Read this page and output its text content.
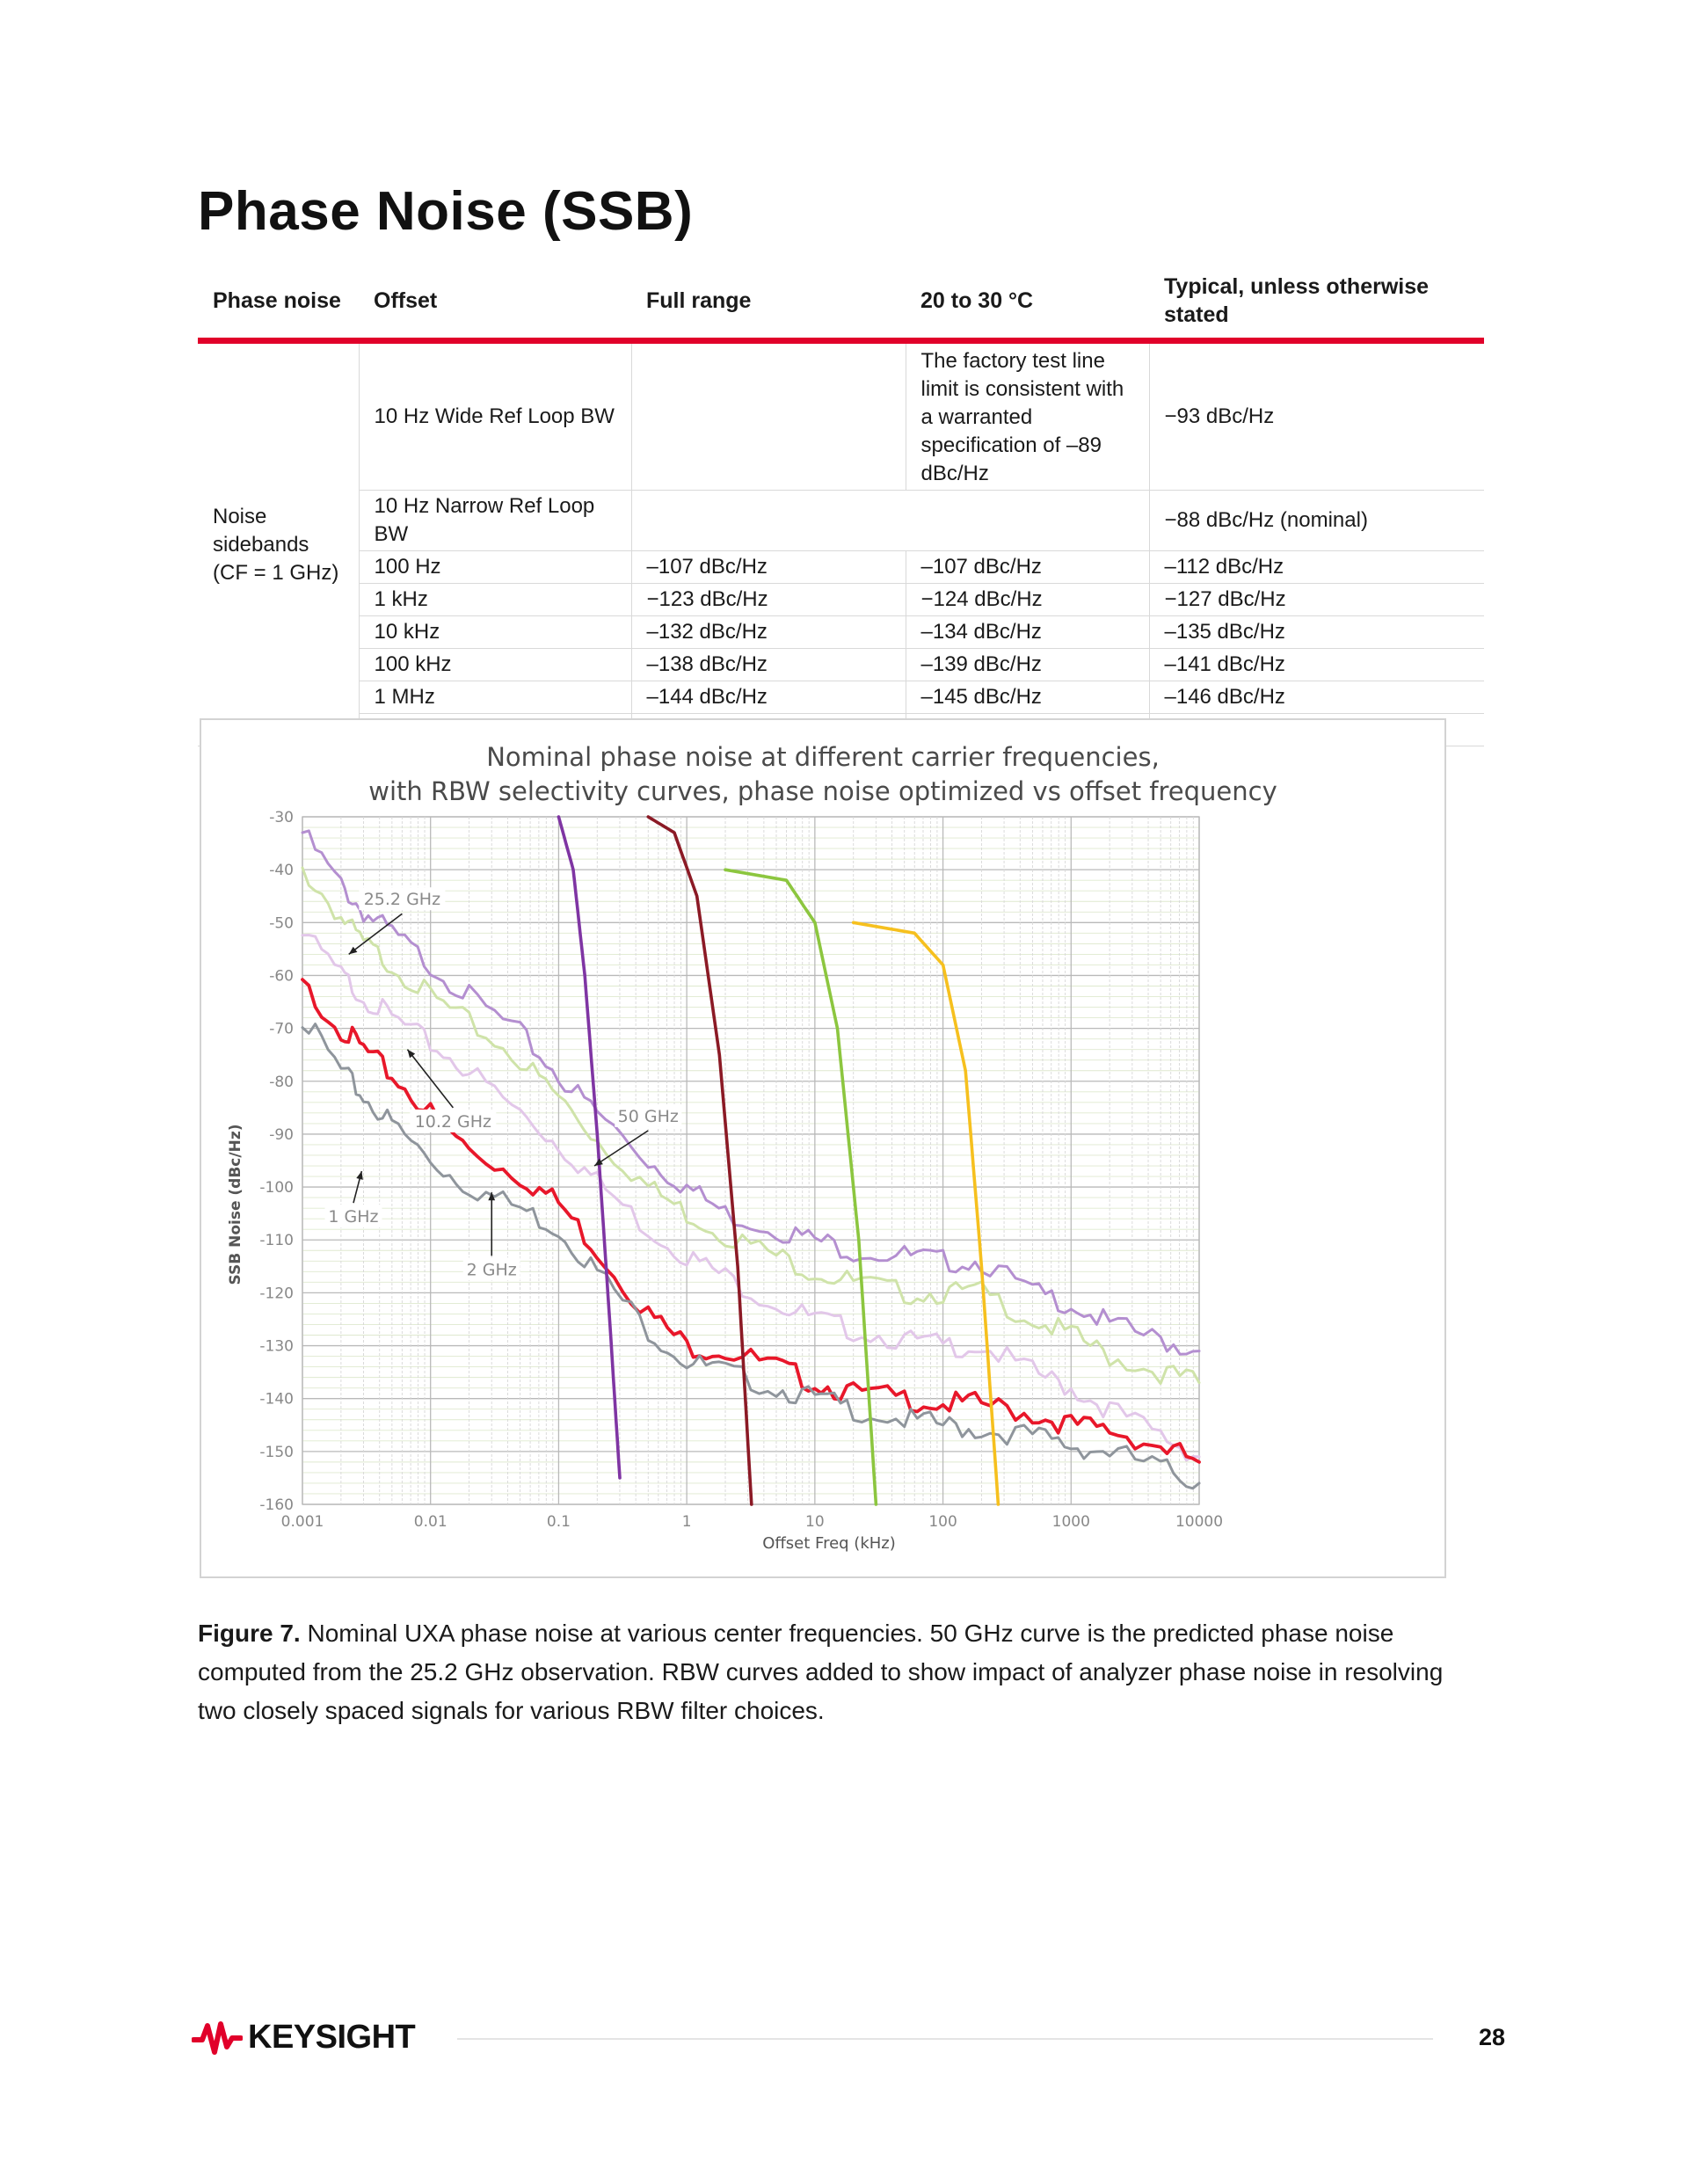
Phase Noise (SSB)
Phase noise	Offset	Full range	20 to 30 °C	Typical, unless otherwise stated
Noise sidebands (CF = 1 GHz)	10 Hz Wide Ref Loop BW		The factory test line limit is consistent with a warranted specification of –89 dBc/Hz	−93 dBc/Hz
	10 Hz Narrow Ref Loop BW			−88 dBc/Hz (nominal)
	100 Hz	–107 dBc/Hz	–107 dBc/Hz	–112 dBc/Hz
	1 kHz	−123 dBc/Hz	−124 dBc/Hz	−127 dBc/Hz
	10 kHz	–132 dBc/Hz	–134 dBc/Hz	–135 dBc/Hz
	100 kHz	–138 dBc/Hz	–139 dBc/Hz	–141 dBc/Hz
	1 MHz	–144 dBc/Hz	–145 dBc/Hz	–146 dBc/Hz

-30
-40
-50
-60
-70
-80
-90
-100
-110
-120
-130
-140
-150
-160
0.001	0.01	0.1	1	10	100	1000	10000
25.2 GHz
10.2 GHz	50 GHz
1 GHz
2 GHz
Nominal phase noise at different carrier frequencies,
with RBW selectivity curves, phase noise optimized vs offset frequency
Offset Freq (kHz)
SSB Noise (dBc/Hz)

Figure 7. Nominal UXA phase noise at various center frequencies. 50 GHz curve is the predicted phase noise computed from the 25.2 GHz observation. RBW curves added to show impact of analyzer phase noise in resolving two closely spaced signals for various RBW filter choices.

KEYSIGHT	28
